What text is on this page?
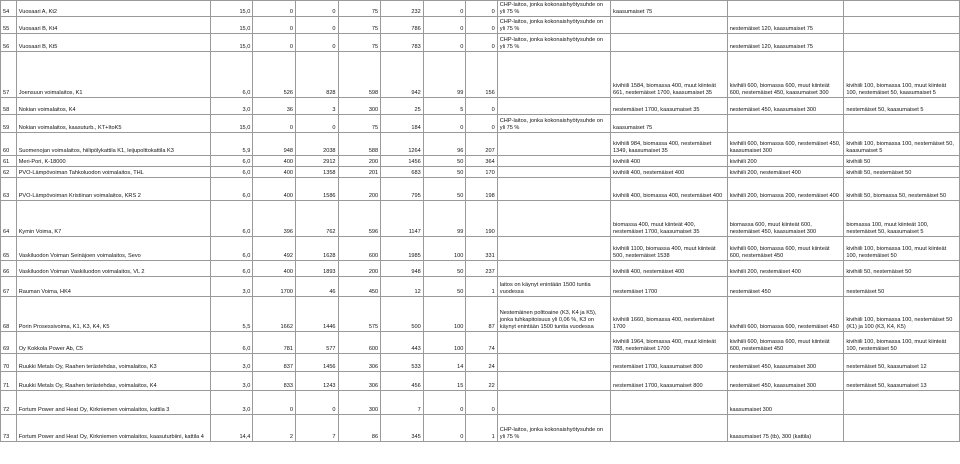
54	Vuosaari A, Kt2	15,0	0	0	75	232	0	0	CHP-laitos, jonka kokonaishyötysuhde on yli 75 %	kaasumaiset 75		
55	Vuosaari B, Kt4	15,0	0	0	75	786	0	0	CHP-laitos, jonka kokonaishyötysuhde on yli 75 %		nestemäiset 120, kaasumaiset 75	
56	Vuosaari B, Kt5	15,0	0	0	75	783	0	0	CHP-laitos, jonka kokonaishyötysuhde on yli 75 %		nestemäiset 120, kaasumaiset 75	
57	Joensuun voimalaitos, K1	6,0	526	828	598	942	99	156		kivihiili 1584, biomassa 400, muut kiinteät 661, nestemäiset 1700, kaasumaiset 35	kivihiili 600, biomassa 600, muut kiinteät 600, nestemäiset 450, kaasumaiset 300	kivihiili 100, biomassa 100, muut kiinteät 100, nestemäiset 50, kaasumaiset 5
58	Nokian voimalaitos, K4	3,0	36	3	300	25	5	0		nestemäiset 1700, kaasumaiset 35	nestemäiset 450, kaasumaiset 300	nestemäiset 50, kaasumaiset 5
59	Nokian voimalaitos, kaasuturb., KT+ItoK5	15,0	0	0	75	184	0	0	CHP-laitos, jonka kokonaishyötysuhde on yli 75 %	kaasumaiset 75		
60	Suomenojan voimalaitos, hiilipölykattila K1, leijupolttokattila K3	5,9	948	2038	588	1264	96	207		kivihiili 984, biomassa 400, nestemäiset 1349, kaasumaiset 35	kivihiili 600, biomassa 600, nestemäiset 450, kaasumaiset 300	kivihiili 100, biomassa 100, nestemäiset 50, kaasumaiset 5
61	Meri-Pori, K-18000	6,0	400	2912	200	1456	50	364		kivihiili 400	kivihiili 200	kivihiili 50
62	PVO-Lämpövoiman Tahkoluodon voimalaitos, THL	6,0	400	1358	201	683	50	170		kivihiili 400, nestemäiset 400	kivihiili 200, nestemäiset 400	kivihiili 50, nestemäiset 50
63	PVO-Lämpövoiman Kristiinan voimalaitos, KRS 2	6,0	400	1586	200	795	50	198		kivihiili 400, biomassa 400, nestemäiset 400	kivihiili 200, biomassa 200, nestemäiset 400	kivihiili 50, biomassa 50, nestemäiset 50
64	Kymin Voima, K7	6,0	396	762	596	1147	99	190		biomassa 400, muut kiinteät 400, nestemäiset 1700, kaasumaiset 35	biomassa 600, muut kiinteät 600, nestemäiset 450, kaasumaiset 300	biomassa 100, muut kiinteät 100, nestemäiset 50, kaasumaiset 5
65	Vaskiluodon Voiman Seinäjoen voimalaitos, Sevo	6,0	492	1628	600	1985	100	331		kivihiili 1100, biomassa 400, muut kiinteät 500, nestemäiset 1538	kivihiili 600, biomassa 600, muut kiinteät 600, nestemäiset 450	kivihiili 100, biomassa 100, muut kiinteät 100, nestemäiset 50
66	Vaskiluodon Voiman Vaskiluodon voimalaitos, VL 2	6,0	400	1893	200	948	50	237		kivihiili 400, nestemäiset 400	kivihiili 200, nestemäiset 400	kivihiili 50, nestemäiset 50
67	Rauman Voima, HK4	3,0	1700	46	450	12	50	1	laitos on käynyt enintään 1500 tuntia vuodessa	nestemäiset 1700	nestemäiset 450	nestemäiset 50
68	Porin Prosessivoima, K1, K3, K4, K5	5,5	1662	1446	575	500	100	87	Nestemäinen polttoaine (K3, K4 ja K5), jonka tuhkapitoisuus yli 0,06 %, K3 on käynyt enintään 1500 tuntia vuodessa	kivihiili 1660, biomassa 400, nestemäiset 1700	kivihiili 600, biomassa 600, nestemäiset 450	kivihiili 100, biomassa 100, nestemäiset 50 (K1) ja 100 (K3, K4, K5)
69	Oy Kokkola Power Ab, C5	6,0	781	577	600	443	100	74		kivihiili 1964, biomassa 400, muut kiinteät 788, nestemäiset 1700	kivihiili 600, biomassa 600, muut kiinteät 600, nestemäiset 450	kivihiili 100, biomassa 100, muut kiinteät 100, nestemäiset 50
70	Ruukki Metals Oy, Raahen terästehdas, voimalaitos, K3	3,0	837	1456	306	533	14	24		nestemäiset 1700, kaasumaiset 800	nestemäiset 450, kaasumaiset 300	nestemäiset 50, kaasumaiset 12
71	Ruukki Metals Oy, Raahen terästehdas, voimalaitos, K4	3,0	833	1243	306	456	15	22		nestemäiset 1700, kaasumaiset 800	nestemäiset 450, kaasumaiset 300	nestemäiset 50, kaasumaiset 13
72	Fortum Power and Heat Oy, Kirkniemen voimalaitos, kattila 3	3,0	0	0	300	7	0	0			kaasumaiset 300	
73	Fortum Power and Heat Oy, Kirkniemen voimalaitos, kaasuturbiini, kattila 4	14,4	2	7	86	345	0	1	CHP-laitos, jonka kokonaishyötysuhde on yli 75 %		kaasumaiset 75 (tb), 300 (kattila)	
